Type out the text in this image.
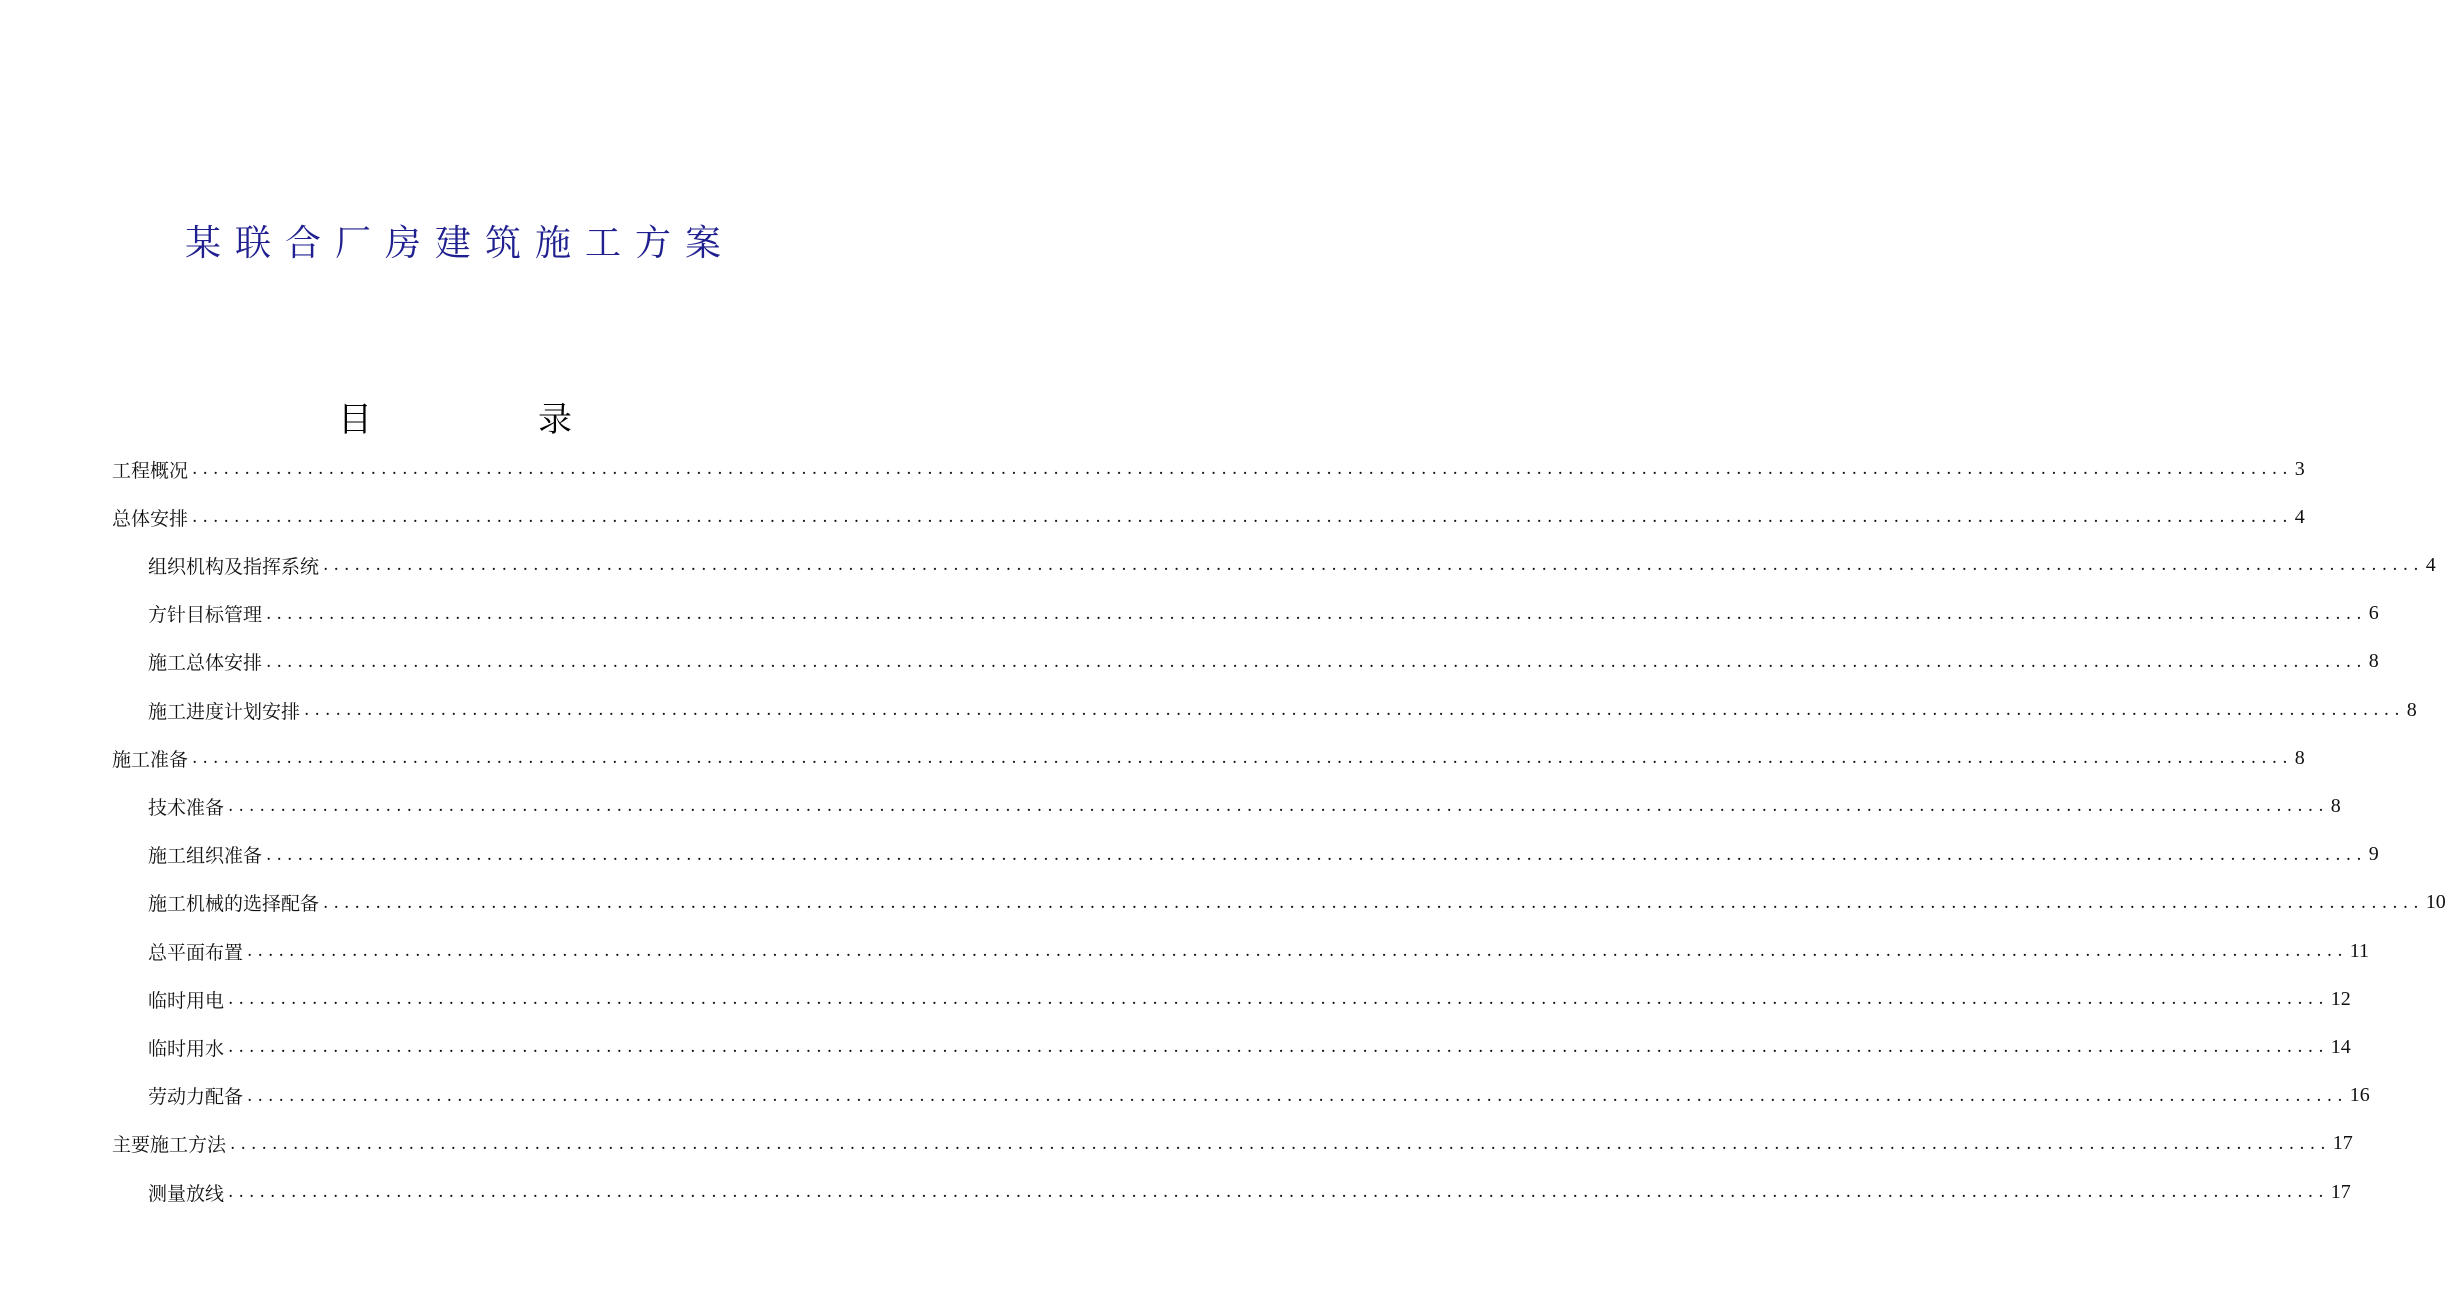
某联合厂房建筑施工方案
目	录
工程概况 ........................................................................................................................................................................................................ 3
总体安排 ........................................................................................................................................................................................................ 4
组织机构及指挥系统 ........................................................................................................................................................................................................ 4
方针目标管理 ........................................................................................................................................................................................................ 6
施工总体安排 ........................................................................................................................................................................................................ 8
施工进度计划安排 ........................................................................................................................................................................................................ 8
施工准备 ........................................................................................................................................................................................................ 8
技术准备 ........................................................................................................................................................................................................ 8
施工组织准备 ........................................................................................................................................................................................................ 9
施工机械的选择配备 ........................................................................................................................................................................................................ 10
总平面布置 ........................................................................................................................................................................................................ 11
临时用电 ........................................................................................................................................................................................................ 12
临时用水 ........................................................................................................................................................................................................ 14
劳动力配备 ........................................................................................................................................................................................................ 16
主要施工方法 ........................................................................................................................................................................................................ 17
测量放线 ........................................................................................................................................................................................................ 17
